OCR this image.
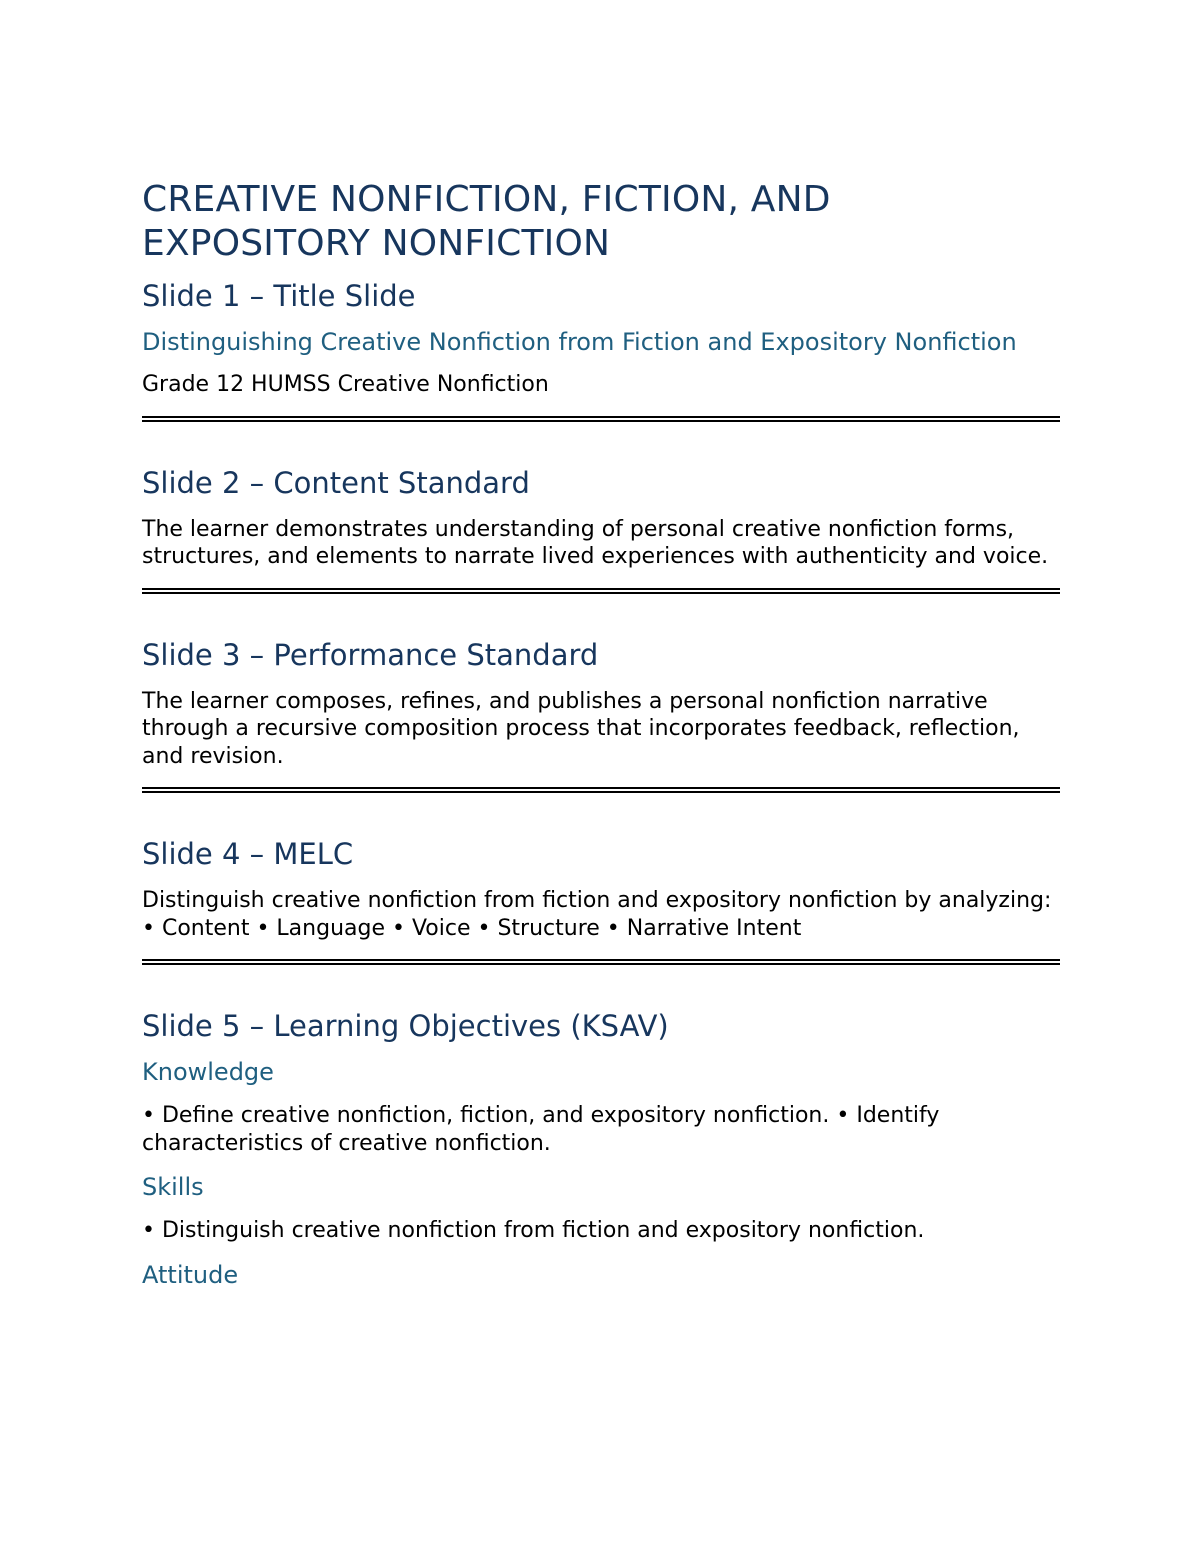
CREATIVE NONFICTION, FICTION, AND EXPOSITORY NONFICTION
Slide 1 – Title Slide
Distinguishing Creative Nonfiction from Fiction and Expository Nonfiction

Grade 12 HUMSS Creative Nonfiction

Slide 2 – Content Standard

The learner demonstrates understanding of personal creative nonfiction forms, structures, and elements to narrate lived experiences with authenticity and voice.

Slide 3 – Performance Standard

The learner composes, refines, and publishes a personal nonfiction narrative through a recursive composition process that incorporates feedback, reflection, and revision.

Slide 4 – MELC

Distinguish creative nonfiction from fiction and expository nonfiction by analyzing: • Content • Language • Voice • Structure • Narrative Intent

Slide 5 – Learning Objectives (KSAV)
Knowledge

• Define creative nonfiction, fiction, and expository nonfiction. • Identify characteristics of creative nonfiction.

Skills

• Distinguish creative nonfiction from fiction and expository nonfiction.

Attitude
